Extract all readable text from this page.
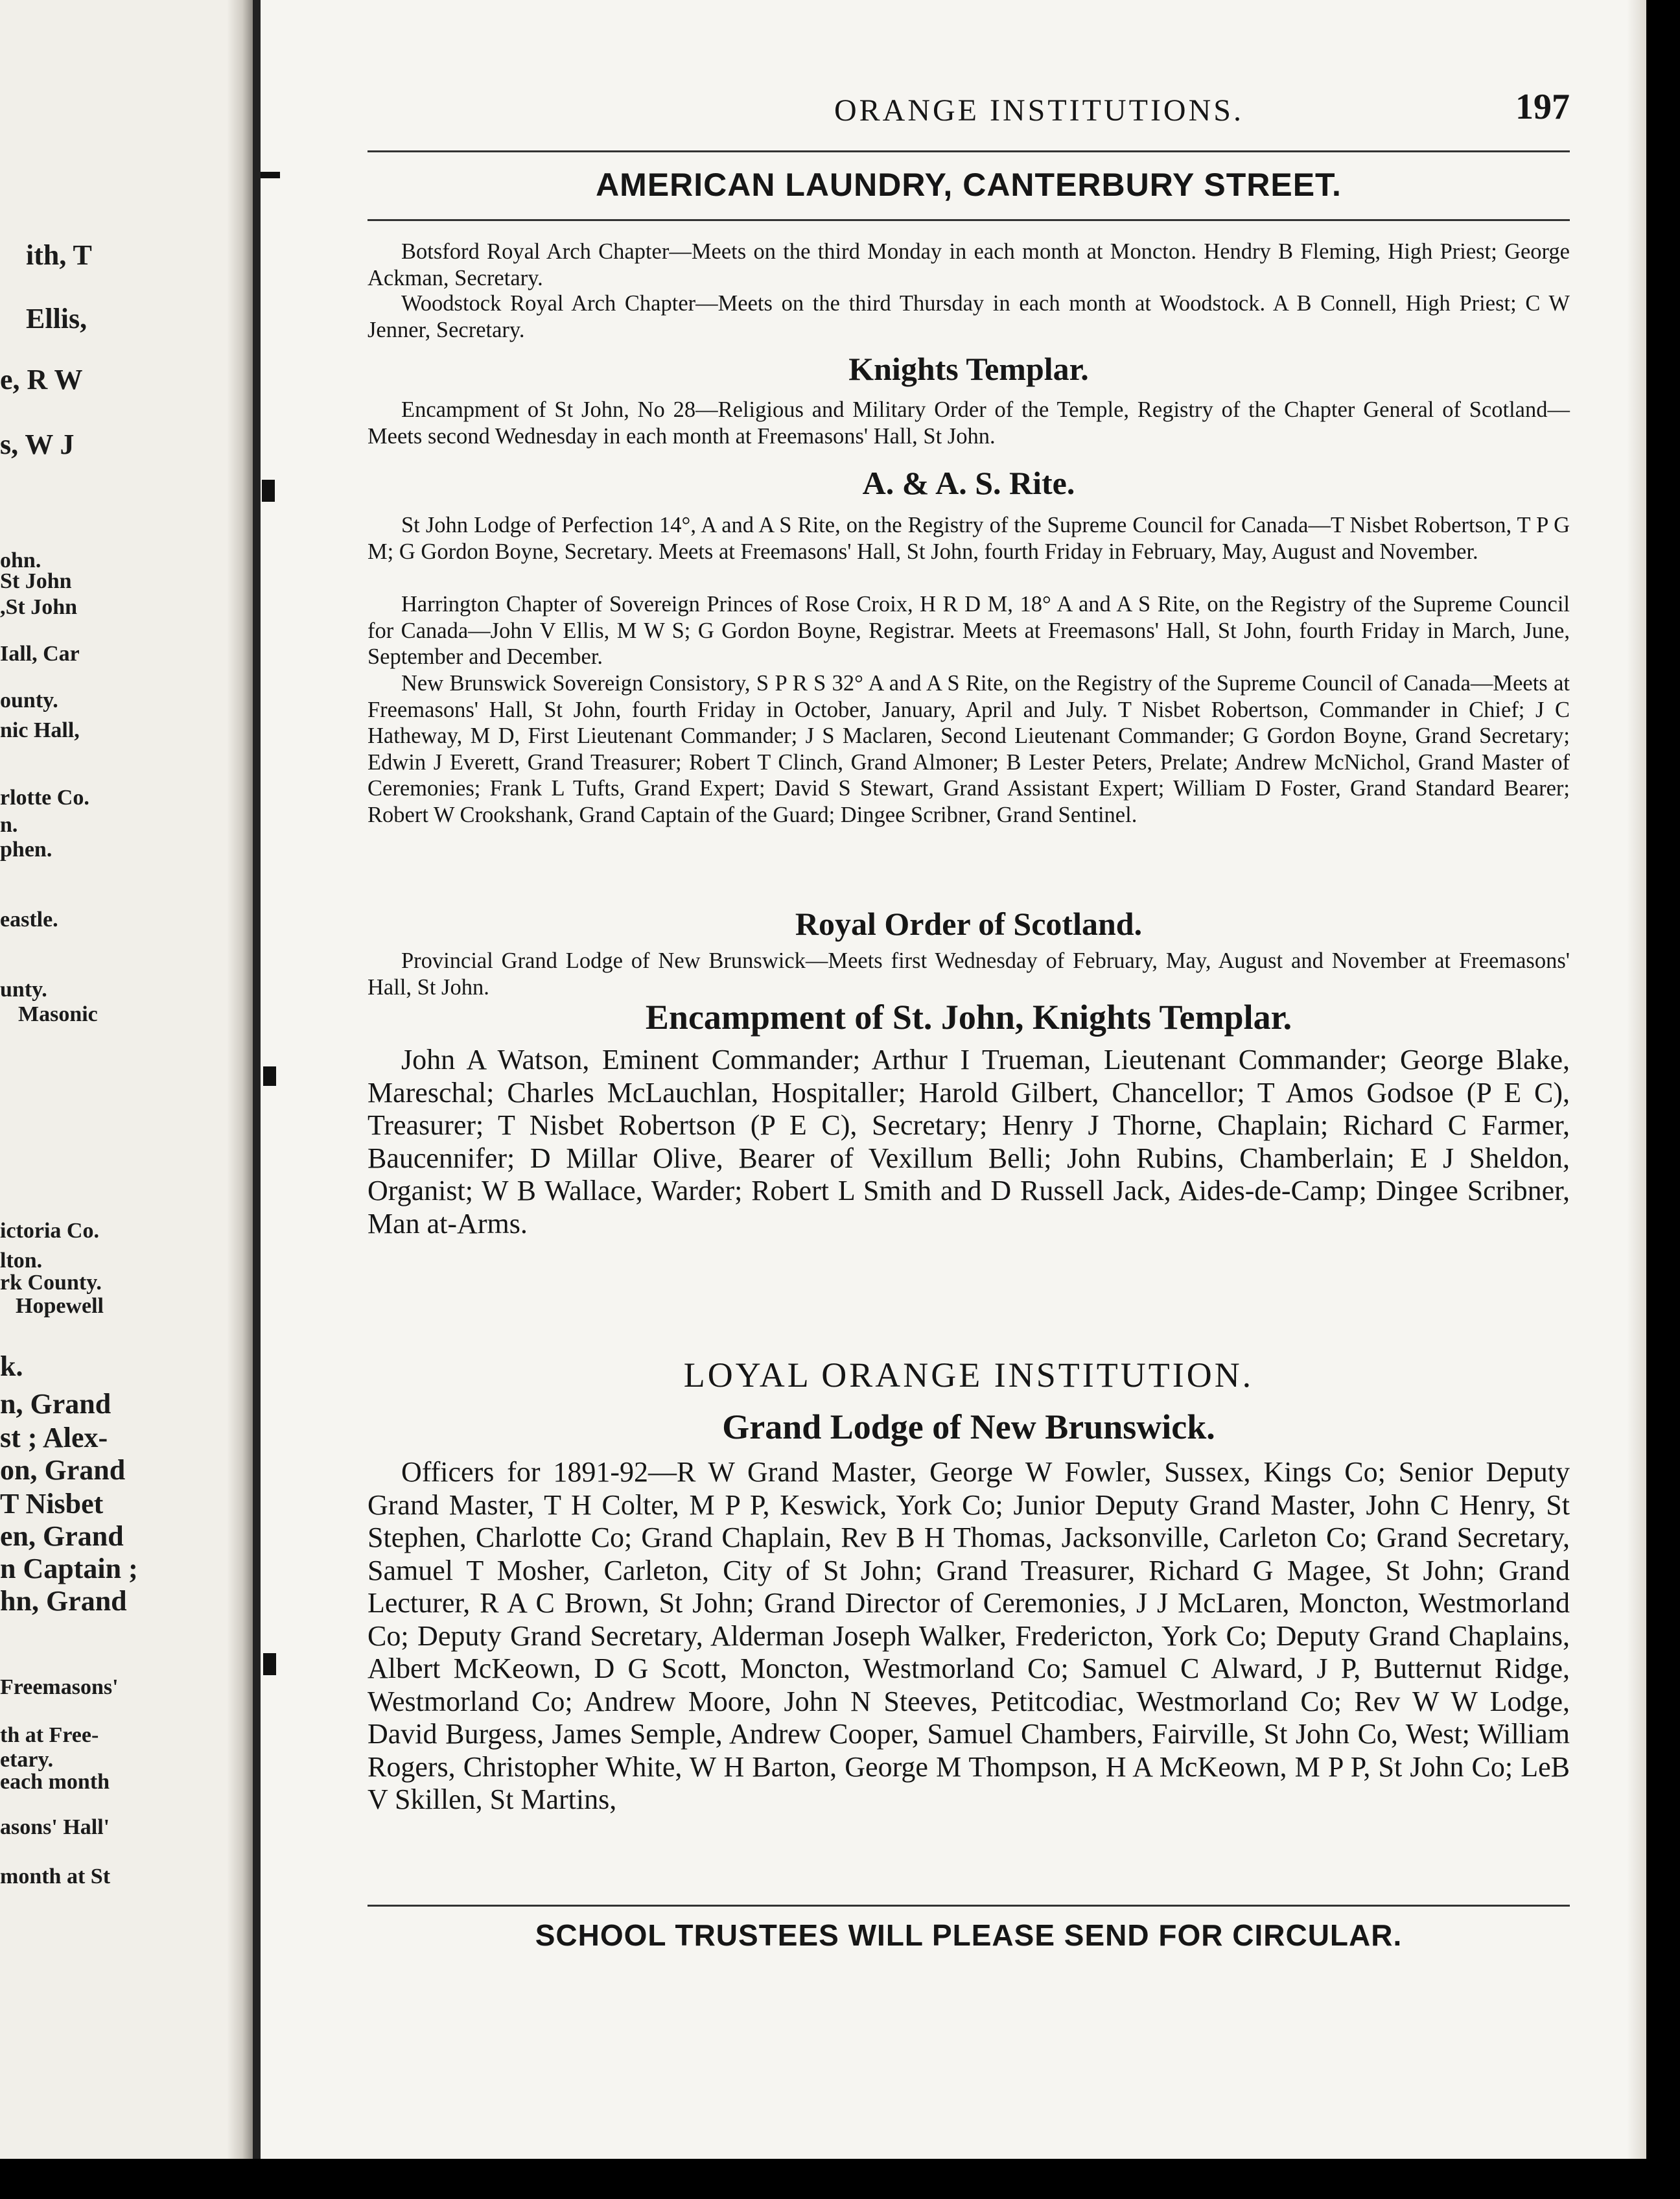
ith, T
Ellis,
e, R W
s, W J
ohn.
St John
,St John
Iall, Car
ounty.
nic Hall,
rlotte Co.
n.
phen.
eastle.
unty.
Masonic
ictoria Co.
lton.
rk County.
Hopewell
k.
n, Grand
st ; Alex-
on, Grand
T Nisbet
en, Grand
n Captain ;
hn, Grand
Freemasons'
th at Free-
etary.
each month
asons' Hall'
month at St
ORANGE INSTITUTIONS.	197
AMERICAN LAUNDRY, CANTERBURY STREET.
Botsford Royal Arch Chapter—Meets on the third Monday in each month at Moncton. Hendry B Fleming, High Priest; George Ackman, Secretary.
Woodstock Royal Arch Chapter—Meets on the third Thursday in each month at Woodstock. A B Connell, High Priest; C W Jenner, Secretary.
Knights Templar.
Encampment of St John, No 28—Religious and Military Order of the Temple, Registry of the Chapter General of Scotland—Meets second Wednesday in each month at Freemasons' Hall, St John.
A. & A. S. Rite.
St John Lodge of Perfection 14°, A and A S Rite, on the Registry of the Supreme Council for Canada—T Nisbet Robertson, T P G M; G Gordon Boyne, Secretary. Meets at Freemasons' Hall, St John, fourth Friday in February, May, August and November.
Harrington Chapter of Sovereign Princes of Rose Croix, H R D M, 18° A and A S Rite, on the Registry of the Supreme Council for Canada—John V Ellis, M W S; G Gordon Boyne, Registrar. Meets at Freemasons' Hall, St John, fourth Friday in March, June, September and December.
New Brunswick Sovereign Consistory, S P R S 32° A and A S Rite, on the Registry of the Supreme Council of Canada—Meets at Freemasons' Hall, St John, fourth Friday in October, January, April and July. T Nisbet Robertson, Commander in Chief; J C Hatheway, M D, First Lieutenant Commander; J S Maclaren, Second Lieutenant Commander; G Gordon Boyne, Grand Secretary; Edwin J Everett, Grand Treasurer; Robert T Clinch, Grand Almoner; B Lester Peters, Prelate; Andrew McNichol, Grand Master of Ceremonies; Frank L Tufts, Grand Expert; David S Stewart, Grand Assistant Expert; William D Foster, Grand Standard Bearer; Robert W Crookshank, Grand Captain of the Guard; Dingee Scribner, Grand Sentinel.
Royal Order of Scotland.
Provincial Grand Lodge of New Brunswick—Meets first Wednesday of February, May, August and November at Freemasons' Hall, St John.
Encampment of St. John, Knights Templar.
John A Watson, Eminent Commander; Arthur I Trueman, Lieutenant Commander; George Blake, Mareschal; Charles McLauchlan, Hospitaller; Harold Gilbert, Chancellor; T Amos Godsoe (P E C), Treasurer; T Nisbet Robertson (P E C), Secretary; Henry J Thorne, Chaplain; Richard C Farmer, Baucennifer; D Millar Olive, Bearer of Vexillum Belli; John Rubins, Chamberlain; E J Sheldon, Organist; W B Wallace, Warder; Robert L Smith and D Russell Jack, Aides-de-Camp; Dingee Scribner, Man at-Arms.
LOYAL ORANGE INSTITUTION.
Grand Lodge of New Brunswick.
Officers for 1891-92—R W Grand Master, George W Fowler, Sussex, Kings Co; Senior Deputy Grand Master, T H Colter, M P P, Keswick, York Co; Junior Deputy Grand Master, John C Henry, St Stephen, Charlotte Co; Grand Chaplain, Rev B H Thomas, Jacksonville, Carleton Co; Grand Secretary, Samuel T Mosher, Carleton, City of St John; Grand Treasurer, Richard G Magee, St John; Grand Lecturer, R A C Brown, St John; Grand Director of Ceremonies, J J McLaren, Moncton, Westmorland Co; Deputy Grand Secretary, Alderman Joseph Walker, Fredericton, York Co; Deputy Grand Chaplains, Albert McKeown, D G Scott, Moncton, Westmorland Co; Samuel C Alward, J P, Butternut Ridge, Westmorland Co; Andrew Moore, John N Steeves, Petitcodiac, Westmorland Co; Rev W W Lodge, David Burgess, James Semple, Andrew Cooper, Samuel Chambers, Fairville, St John Co, West; William Rogers, Christopher White, W H Barton, George M Thompson, H A McKeown, M P P, St John Co; LeB V Skillen, St Martins,
SCHOOL TRUSTEES WILL PLEASE SEND FOR CIRCULAR.
